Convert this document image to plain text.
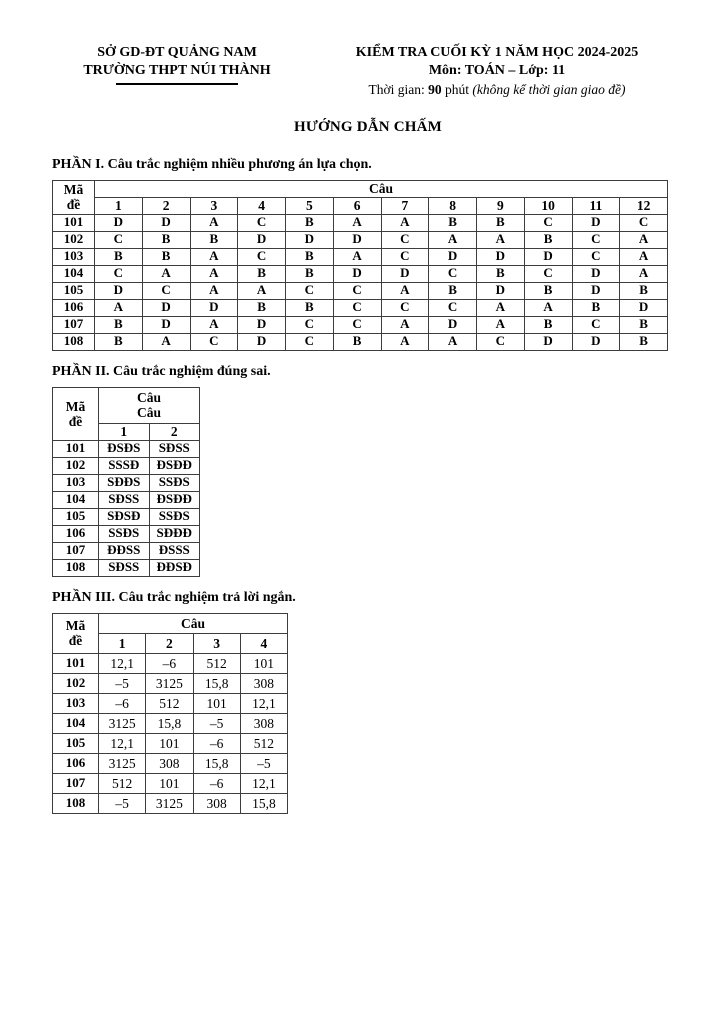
SỞ GD-ĐT QUẢNG NAM
TRƯỜNG THPT NÚI THÀNH
KIỂM TRA CUỐI KỲ 1 NĂM HỌC 2024-2025
Môn: TOÁN – Lớp: 11
Thời gian: 90 phút (không kể thời gian giao đề)
HƯỚNG DẪN CHẤM
PHẦN I. Câu trắc nghiệm nhiều phương án lựa chọn.
Mã
đề	Câu											
	1	2	3	4	5	6	7	8	9	10	11	12
101	D	D	A	C	B	A	A	B	B	C	D	C
102	C	B	B	D	D	D	C	A	A	B	C	A
103	B	B	A	C	B	A	C	D	D	D	C	A
104	C	A	A	B	B	D	D	C	B	C	D	A
105	D	C	A	A	C	C	A	B	D	B	D	B
106	A	D	D	B	B	C	C	C	A	A	B	D
107	B	D	A	D	C	C	A	D	A	B	C	B
108	B	A	C	D	C	B	A	A	C	D	D	B
PHẦN II. Câu trắc nghiệm đúng sai.
Mã
đề	Câu
Câu	
	1	2
101	ĐSĐS	SĐSS
102	SSSĐ	ĐSĐĐ
103	SĐĐS	SSĐS
104	SĐSS	ĐSĐĐ
105	SĐSĐ	SSĐS
106	SSĐS	SĐĐĐ
107	ĐĐSS	ĐSSS
108	SĐSS	ĐĐSĐ
PHẦN III. Câu trắc nghiệm trả lời ngắn.
Mã
đề	Câu			
	1	2	3	4
101	12,1	–6	512	101
102	–5	3125	15,8	308
103	–6	512	101	12,1
104	3125	15,8	–5	308
105	12,1	101	–6	512
106	3125	308	15,8	–5
107	512	101	–6	12,1
108	–5	3125	308	15,8
